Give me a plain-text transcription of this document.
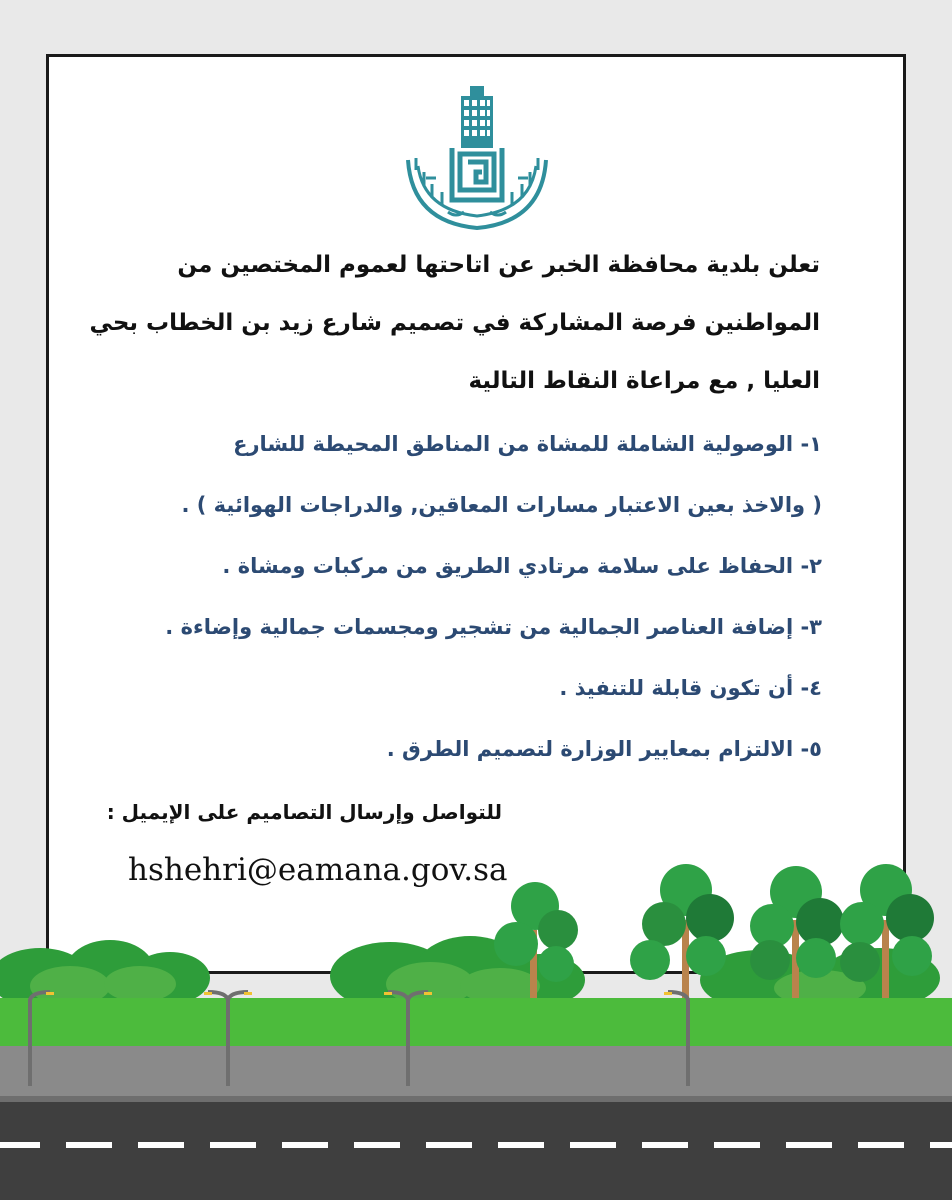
تعلن بلدية محافظة الخبر عن اتاحتها لعموم المختصين من
المواطنين فرصة المشاركة في تصميم شارع زيد بن الخطاب بحي
العليا , مع مراعاة النقاط التالية
١- الوصولية الشاملة للمشاة من المناطق المحيطة للشارع
( والاخذ بعين الاعتبار مسارات المعاقين, والدراجات الهوائية ) .
٢- الحفاظ على سلامة مرتادي الطريق من مركبات ومشاة .
٣- إضافة العناصر الجمالية من تشجير ومجسمات جمالية وإضاءة .
٤- أن تكون قابلة للتنفيذ .
٥- الالتزام بمعايير الوزارة لتصميم الطرق .
للتواصل وإرسال التصاميم على الإيميل :
hshehri@eamana.gov.sa
